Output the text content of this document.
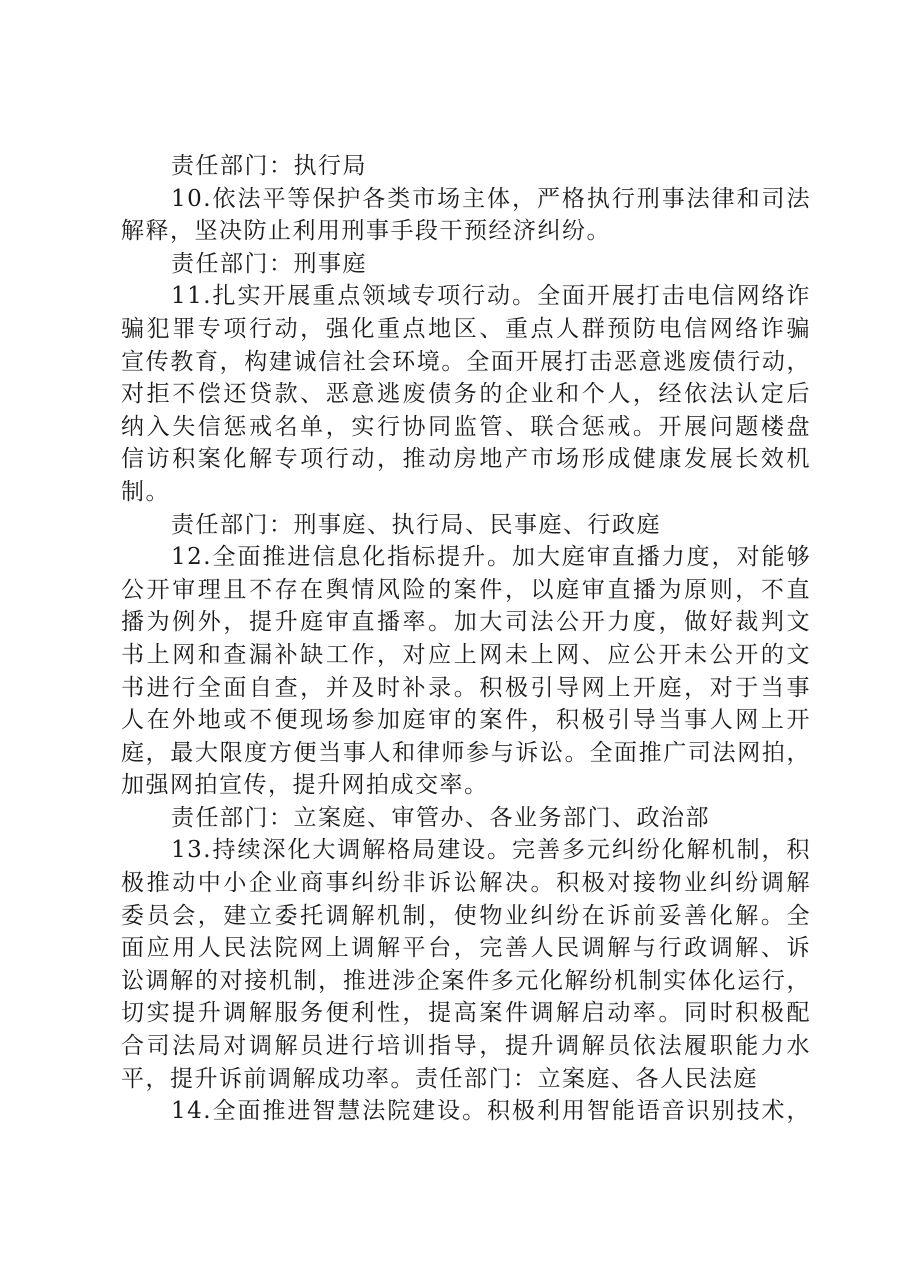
责任部门：执行局
10.依法平等保护各类市场主体，严格执行刑事法律和司法
解释，坚决防止利用刑事手段干预经济纠纷。
责任部门：刑事庭
11.扎实开展重点领域专项行动。全面开展打击电信网络诈
骗犯罪专项行动，强化重点地区、重点人群预防电信网络诈骗
宣传教育，构建诚信社会环境。全面开展打击恶意逃废债行动，
对拒不偿还贷款、恶意逃废债务的企业和个人，经依法认定后
纳入失信惩戒名单，实行协同监管、联合惩戒。开展问题楼盘
信访积案化解专项行动，推动房地产市场形成健康发展长效机
制。
责任部门：刑事庭、执行局、民事庭、行政庭
12.全面推进信息化指标提升。加大庭审直播力度，对能够
公开审理且不存在舆情风险的案件，以庭审直播为原则，不直
播为例外，提升庭审直播率。加大司法公开力度，做好裁判文
书上网和查漏补缺工作，对应上网未上网、应公开未公开的文
书进行全面自查，并及时补录。积极引导网上开庭，对于当事
人在外地或不便现场参加庭审的案件，积极引导当事人网上开
庭，最大限度方便当事人和律师参与诉讼。全面推广司法网拍，
加强网拍宣传，提升网拍成交率。
责任部门：立案庭、审管办、各业务部门、政治部
13.持续深化大调解格局建设。完善多元纠纷化解机制，积
极推动中小企业商事纠纷非诉讼解决。积极对接物业纠纷调解
委员会，建立委托调解机制，使物业纠纷在诉前妥善化解。全
面应用人民法院网上调解平台，完善人民调解与行政调解、诉
讼调解的对接机制，推进涉企案件多元化解纷机制实体化运行，
切实提升调解服务便利性，提高案件调解启动率。同时积极配
合司法局对调解员进行培训指导，提升调解员依法履职能力水
平，提升诉前调解成功率。责任部门：立案庭、各人民法庭
14.全面推进智慧法院建设。积极利用智能语音识别技术，
